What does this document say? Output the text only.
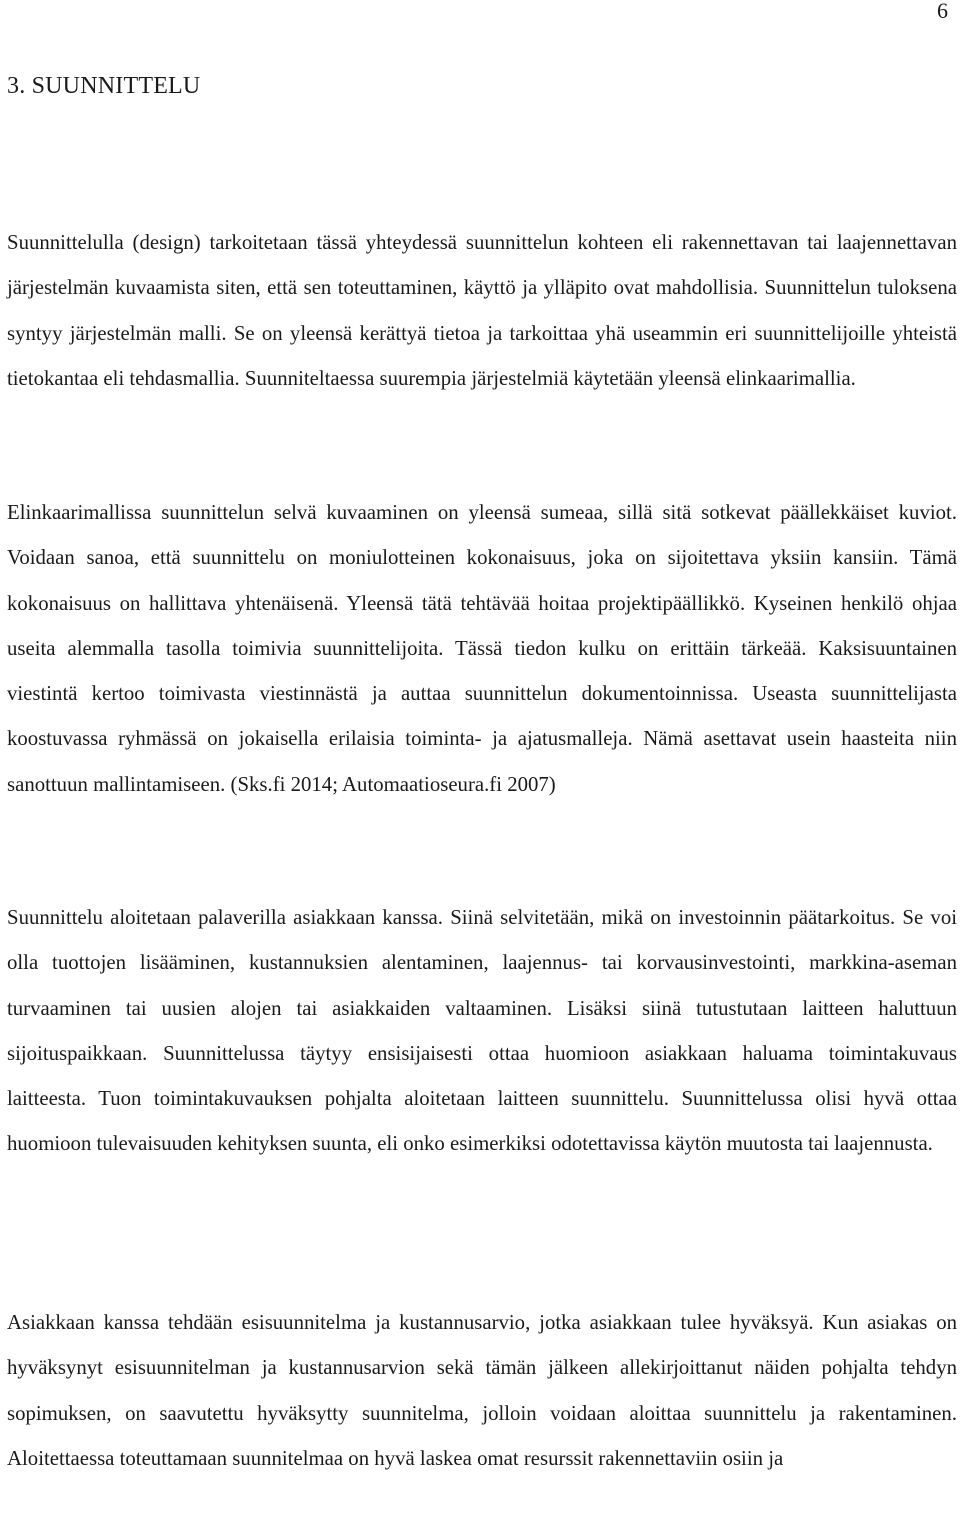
6
3. SUUNNITTELU

Suunnittelulla (design) tarkoitetaan tässä yhteydessä suunnittelun kohteen eli rakennettavan tai laajennettavan järjestelmän kuvaamista siten, että sen toteuttaminen, käyttö ja ylläpito ovat mahdollisia. Suunnittelun tuloksena syntyy järjestelmän malli. Se on yleensä kerättyä tietoa ja tarkoittaa yhä useammin eri suunnittelijoille yhteistä tietokantaa eli tehdasmallia. Suunniteltaessa suurempia järjestelmiä käytetään yleensä elinkaarimallia.

Elinkaarimallissa suunnittelun selvä kuvaaminen on yleensä sumeaa, sillä sitä sotkevat päällekkäiset kuviot. Voidaan sanoa, että suunnittelu on moniulotteinen kokonaisuus, joka on sijoitettava yksiin kansiin. Tämä kokonaisuus on hallittava yhtenäisenä. Yleensä tätä tehtävää hoitaa projektipäällikkö. Kyseinen henkilö ohjaa useita alemmalla tasolla toimivia suunnittelijoita. Tässä tiedon kulku on erittäin tärkeää. Kaksisuuntainen viestintä kertoo toimivasta viestinnästä ja auttaa suunnittelun dokumentoinnissa. Useasta suunnittelijasta koostuvassa ryhmässä on jokaisella erilaisia toiminta- ja ajatusmalleja. Nämä asettavat usein haasteita niin sanottuun mallintamiseen. (Sks.fi 2014; Automaatioseura.fi 2007)

Suunnittelu aloitetaan palaverilla asiakkaan kanssa. Siinä selvitetään, mikä on investoinnin päätarkoitus. Se voi olla tuottojen lisääminen, kustannuksien alentaminen, laajennus- tai korvausinvestointi, markkina-aseman turvaaminen tai uusien alojen tai asiakkaiden valtaaminen. Lisäksi siinä tutustutaan laitteen haluttuun sijoituspaikkaan. Suunnittelussa täytyy ensisijaisesti ottaa huomioon asiakkaan haluama toimintakuvaus laitteesta. Tuon toimintakuvauksen pohjalta aloitetaan laitteen suunnittelu. Suunnittelussa olisi hyvä ottaa huomioon tulevaisuuden kehityksen suunta, eli onko esimerkiksi odotettavissa käytön muutosta tai laajennusta.

Asiakkaan kanssa tehdään esisuunnitelma ja kustannusarvio, jotka asiakkaan tulee hyväksyä. Kun asiakas on hyväksynyt esisuunnitelman ja kustannusarvion sekä tämän jälkeen allekirjoittanut näiden pohjalta tehdyn sopimuksen, on saavutettu hyväksytty suunnitelma, jolloin voidaan aloittaa suunnittelu ja rakentaminen. Aloitettaessa toteuttamaan suunnitelmaa on hyvä laskea omat resurssit rakennettaviin osiin ja
